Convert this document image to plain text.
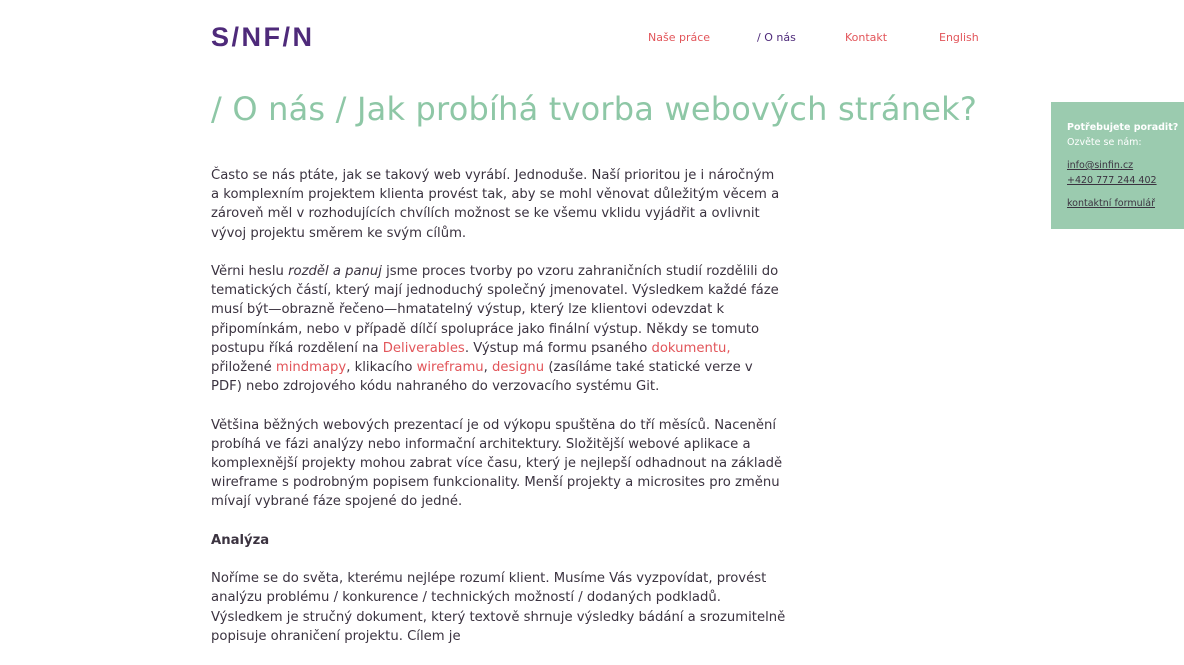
S/NF/N	Naše práce	/ O nás	Kontakt	English
/ O nás / Jak probíhá tvorba webových stránek?

Často se nás ptáte, jak se takový web vyrábí. Jednoduše. Naší prioritou je i náročným a komplexním projektem klienta provést tak, aby se mohl věnovat důležitým věcem a zároveň měl v rozhodujících chvílích možnost se ke všemu vklidu vyjádřit a ovlivnit vývoj projektu směrem ke svým cílům.

Věrni heslu rozděl a panuj jsme proces tvorby po vzoru zahraničních studií rozdělili do tematických částí, který mají jednoduchý společný jmenovatel. Výsledkem každé fáze musí být—obrazně řečeno—hmatatelný výstup, který lze klientovi odevzdat k připomínkám, nebo v případě dílčí spolupráce jako finální výstup. Někdy se tomuto postupu říká rozdělení na Deliverables. Výstup má formu psaného dokumentu, přiložené mindmapy, klikacího wireframu, designu (zasíláme také statické verze v PDF) nebo zdrojového kódu nahraného do verzovacího systému Git.

Většina běžných webových prezentací je od výkopu spuštěna do tří měsíců. Nacenění probíhá ve fázi analýzy nebo informační architektury. Složitější webové aplikace a komplexnější projekty mohou zabrat více času, který je nejlepší odhadnout na základě wireframe s podrobným popisem funkcionality. Menší projekty a microsites pro změnu mívají vybrané fáze spojené do jedné.

Analýza

Noříme se do světa, kterému nejlépe rozumí klient. Musíme Vás vyzpovídat, provést analýzu problému / konkurence / technických možností / dodaných podkladů. Výsledkem je stručný dokument, který textově shrnuje výsledky bádání a srozumitelně popisuje ohraničení projektu. Cílem je

Potřebujete poradit?
Ozvěte se nám:
info@sinfin.cz
+420 777 244 402
kontaktní formulář
